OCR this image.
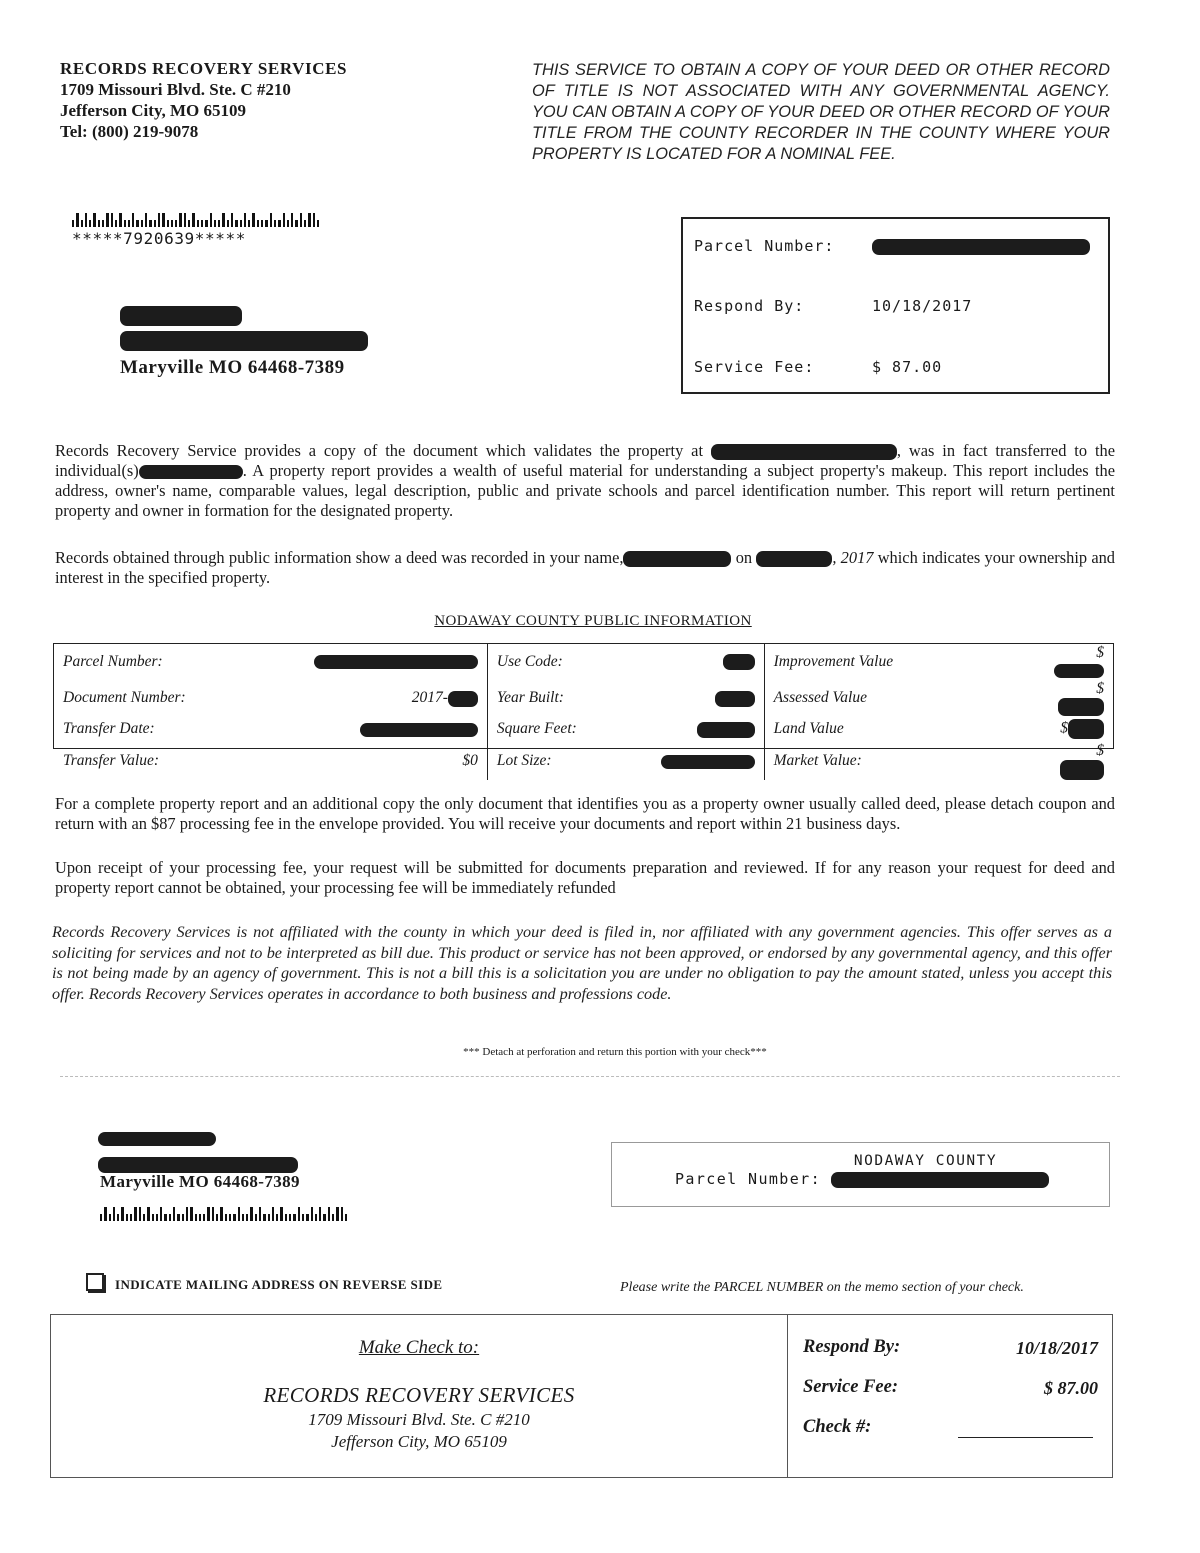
RECORDS RECOVERY SERVICES
1709 Missouri Blvd. Ste. C #210
Jefferson City, MO 65109
Tel: (800) 219-9078
THIS SERVICE TO OBTAIN A COPY OF YOUR DEED OR OTHER RECORD OF TITLE IS NOT ASSOCIATED WITH ANY GOVERNMENTAL AGENCY. YOU CAN OBTAIN A COPY OF YOUR DEED OR OTHER RECORD OF YOUR TITLE FROM THE COUNTY RECORDER IN THE COUNTY WHERE YOUR PROPERTY IS LOCATED FOR A NOMINAL FEE.
*****7920639*****
Maryville MO 64468-7389
Parcel Number:
Respond By:	10/18/2017
Service Fee:	$ 87.00
Records Recovery Service provides a copy of the document which validates the property at	, was in fact transferred to the individual(s)	. A property report provides a wealth of useful material for understanding a subject property's makeup. This report includes the address, owner's name, comparable values, legal description, public and private schools and parcel identification number. This report will return pertinent property and owner in formation for the designated property.
Records obtained through public information show a deed was recorded in your name,	on	, 2017 which indicates your ownership and interest in the specified property.
NODAWAY COUNTY PUBLIC INFORMATION
Parcel Number:		Use Code:		Improvement Value	$
Document Number:	2017-	Year Built:		Assessed Value	$
Transfer Date:		Square Feet:		Land Value	$
Transfer Value:	$0	Lot Size:		Market Value:	$
For a complete property report and an additional copy the only document that identifies you as a property owner usually called deed, please detach coupon and return with an $87 processing fee in the envelope provided. You will receive your documents and report within 21 business days.
Upon receipt of your processing fee, your request will be submitted for documents preparation and reviewed. If for any reason your request for deed and property report cannot be obtained, your processing fee will be immediately refunded
Records Recovery Services is not affiliated with the county in which your deed is filed in, nor affiliated with any government agencies. This offer serves as a soliciting for services and not to be interpreted as bill due. This product or service has not been approved, or endorsed by any governmental agency, and this offer is not being made by an agency of government. This is not a bill this is a solicitation you are under no obligation to pay the amount stated, unless you accept this offer. Records Recovery Services operates in accordance to both business and professions code.
*** Detach at perforation and return this portion with your check***
Maryville MO 64468-7389
NODAWAY COUNTY
Parcel Number:
INDICATE MAILING ADDRESS ON REVERSE SIDE	Please write the PARCEL NUMBER on the memo section of your check.
Make Check to:
RECORDS RECOVERY SERVICES
1709 Missouri Blvd. Ste. C #210
Jefferson City, MO 65109
Respond By:	10/18/2017
Service Fee:	$ 87.00
Check #:
